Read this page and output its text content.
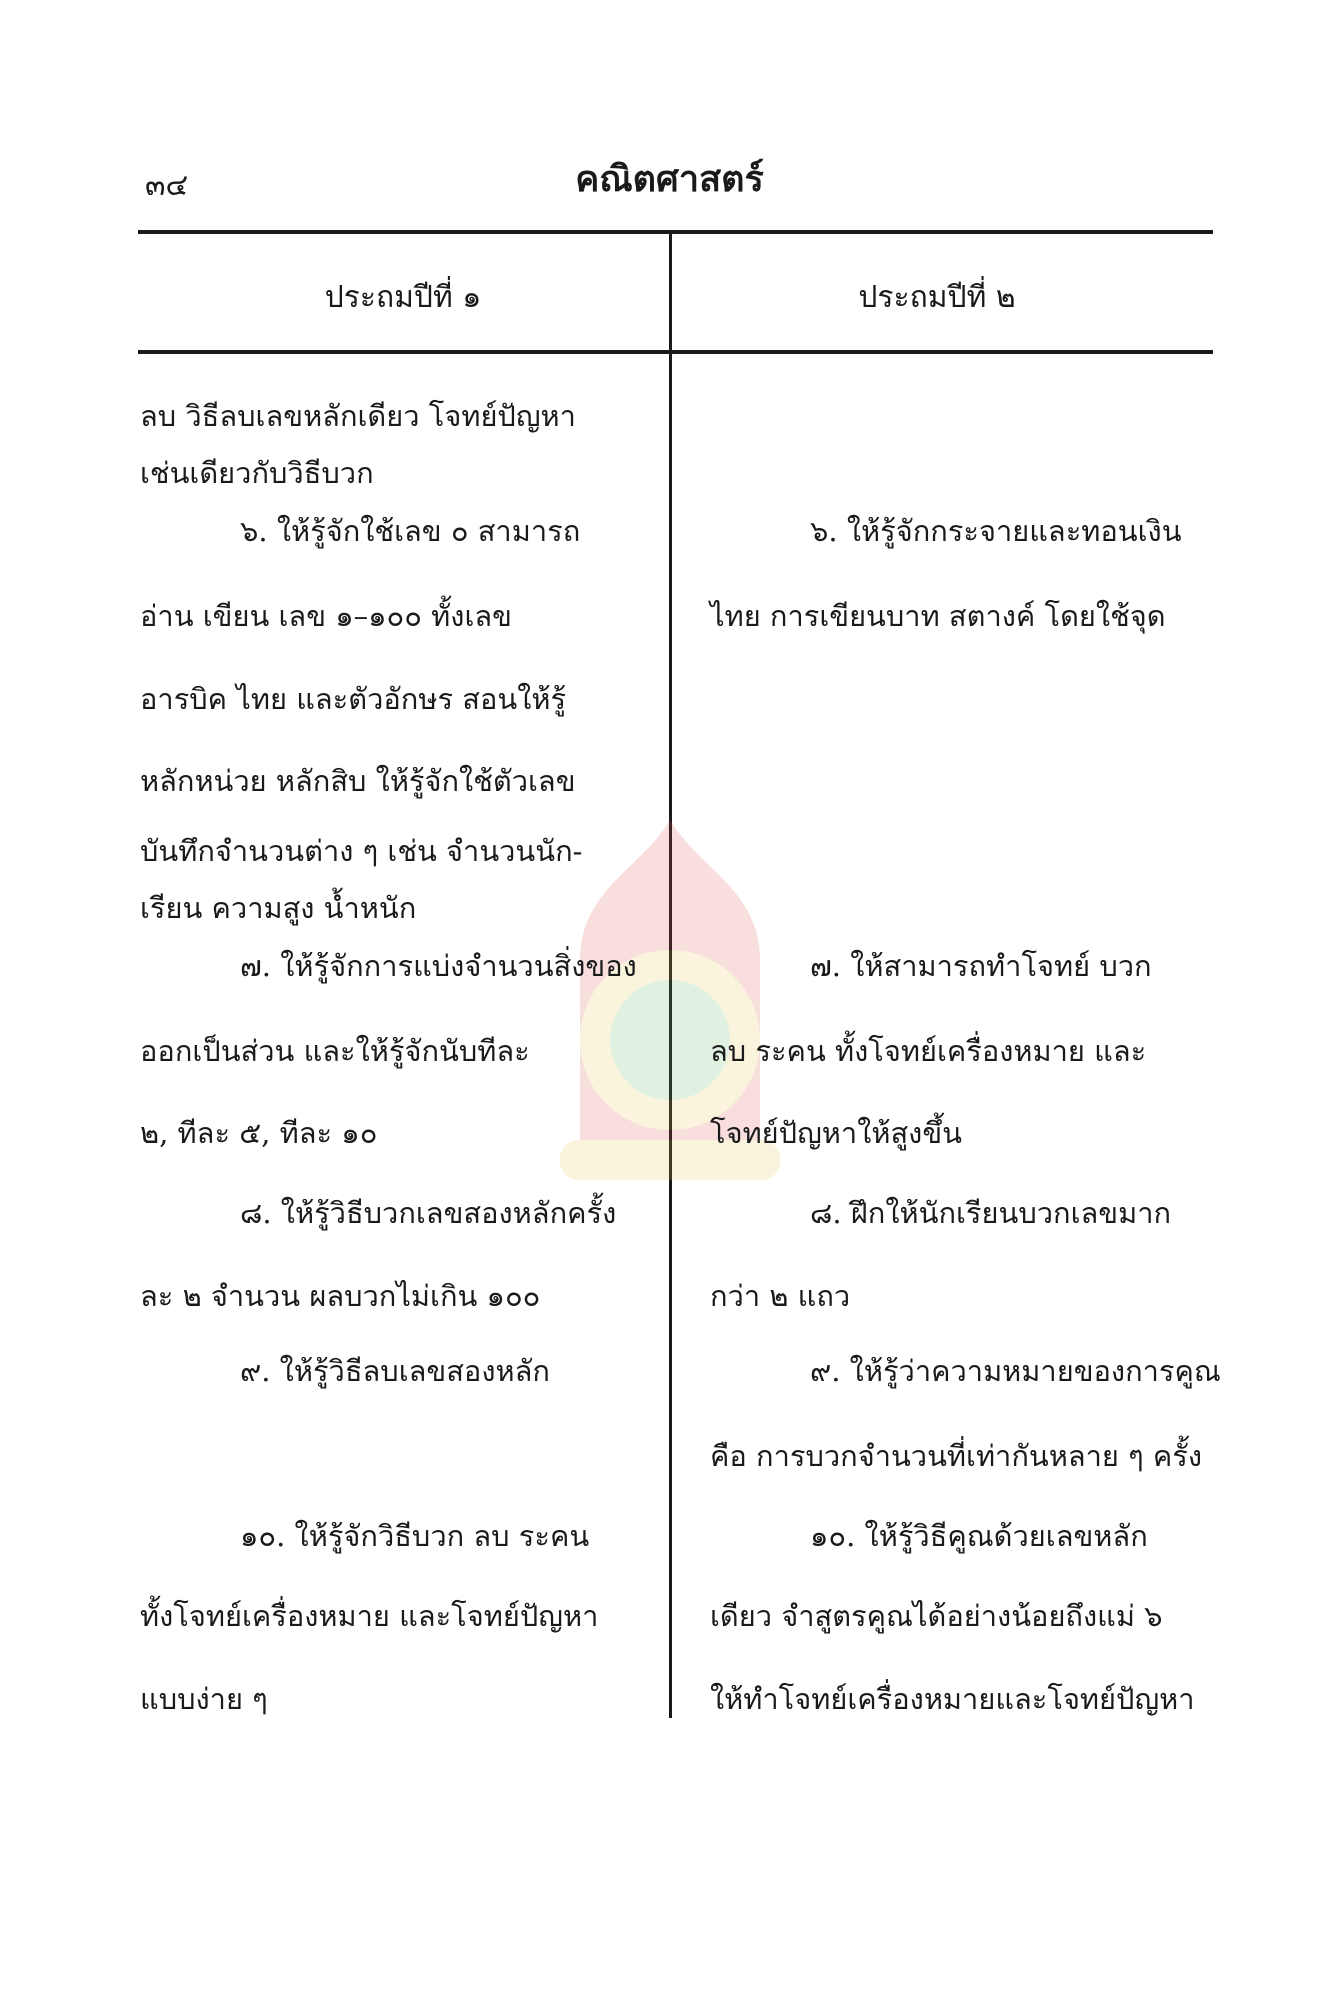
๓๔	คณิตศาสตร์
ประถมปีที่ ๑	ประถมปีที่ ๒
ลบ วิธีลบเลขหลักเดียว โจทย์ปัญหา
เช่นเดียวกับวิธีบวก
๖. ให้รู้จักใช้เลข ๐ สามารถ
อ่าน เขียน เลข ๑–๑๐๐ ทั้งเลข
อารบิค ไทย และตัวอักษร สอนให้รู้
หลักหน่วย หลักสิบ ให้รู้จักใช้ตัวเลข
บันทึกจำนวนต่าง ๆ เช่น จำนวนนัก-
เรียน ความสูง น้ำหนัก
๗. ให้รู้จักการแบ่งจำนวนสิ่งของ
ออกเป็นส่วน และให้รู้จักนับทีละ
๒, ทีละ ๕, ทีละ ๑๐
๘. ให้รู้วิธีบวกเลขสองหลักครั้ง
ละ ๒ จำนวน ผลบวกไม่เกิน ๑๐๐
๙. ให้รู้วิธีลบเลขสองหลัก
๑๐. ให้รู้จักวิธีบวก ลบ ระคน
ทั้งโจทย์เครื่องหมาย และโจทย์ปัญหา
แบบง่าย ๆ
๖. ให้รู้จักกระจายและทอนเงิน
ไทย การเขียนบาท สตางค์ โดยใช้จุด
๗. ให้สามารถทำโจทย์ บวก
ลบ ระคน ทั้งโจทย์เครื่องหมาย และ
โจทย์ปัญหาให้สูงขึ้น
๘. ฝึกให้นักเรียนบวกเลขมาก
กว่า ๒ แถว
๙. ให้รู้ว่าความหมายของการคูณ
คือ การบวกจำนวนที่เท่ากันหลาย ๆ ครั้ง
๑๐. ให้รู้วิธีคูณด้วยเลขหลัก
เดียว จำสูตรคูณได้อย่างน้อยถึงแม่ ๖
ให้ทำโจทย์เครื่องหมายและโจทย์ปัญหา
